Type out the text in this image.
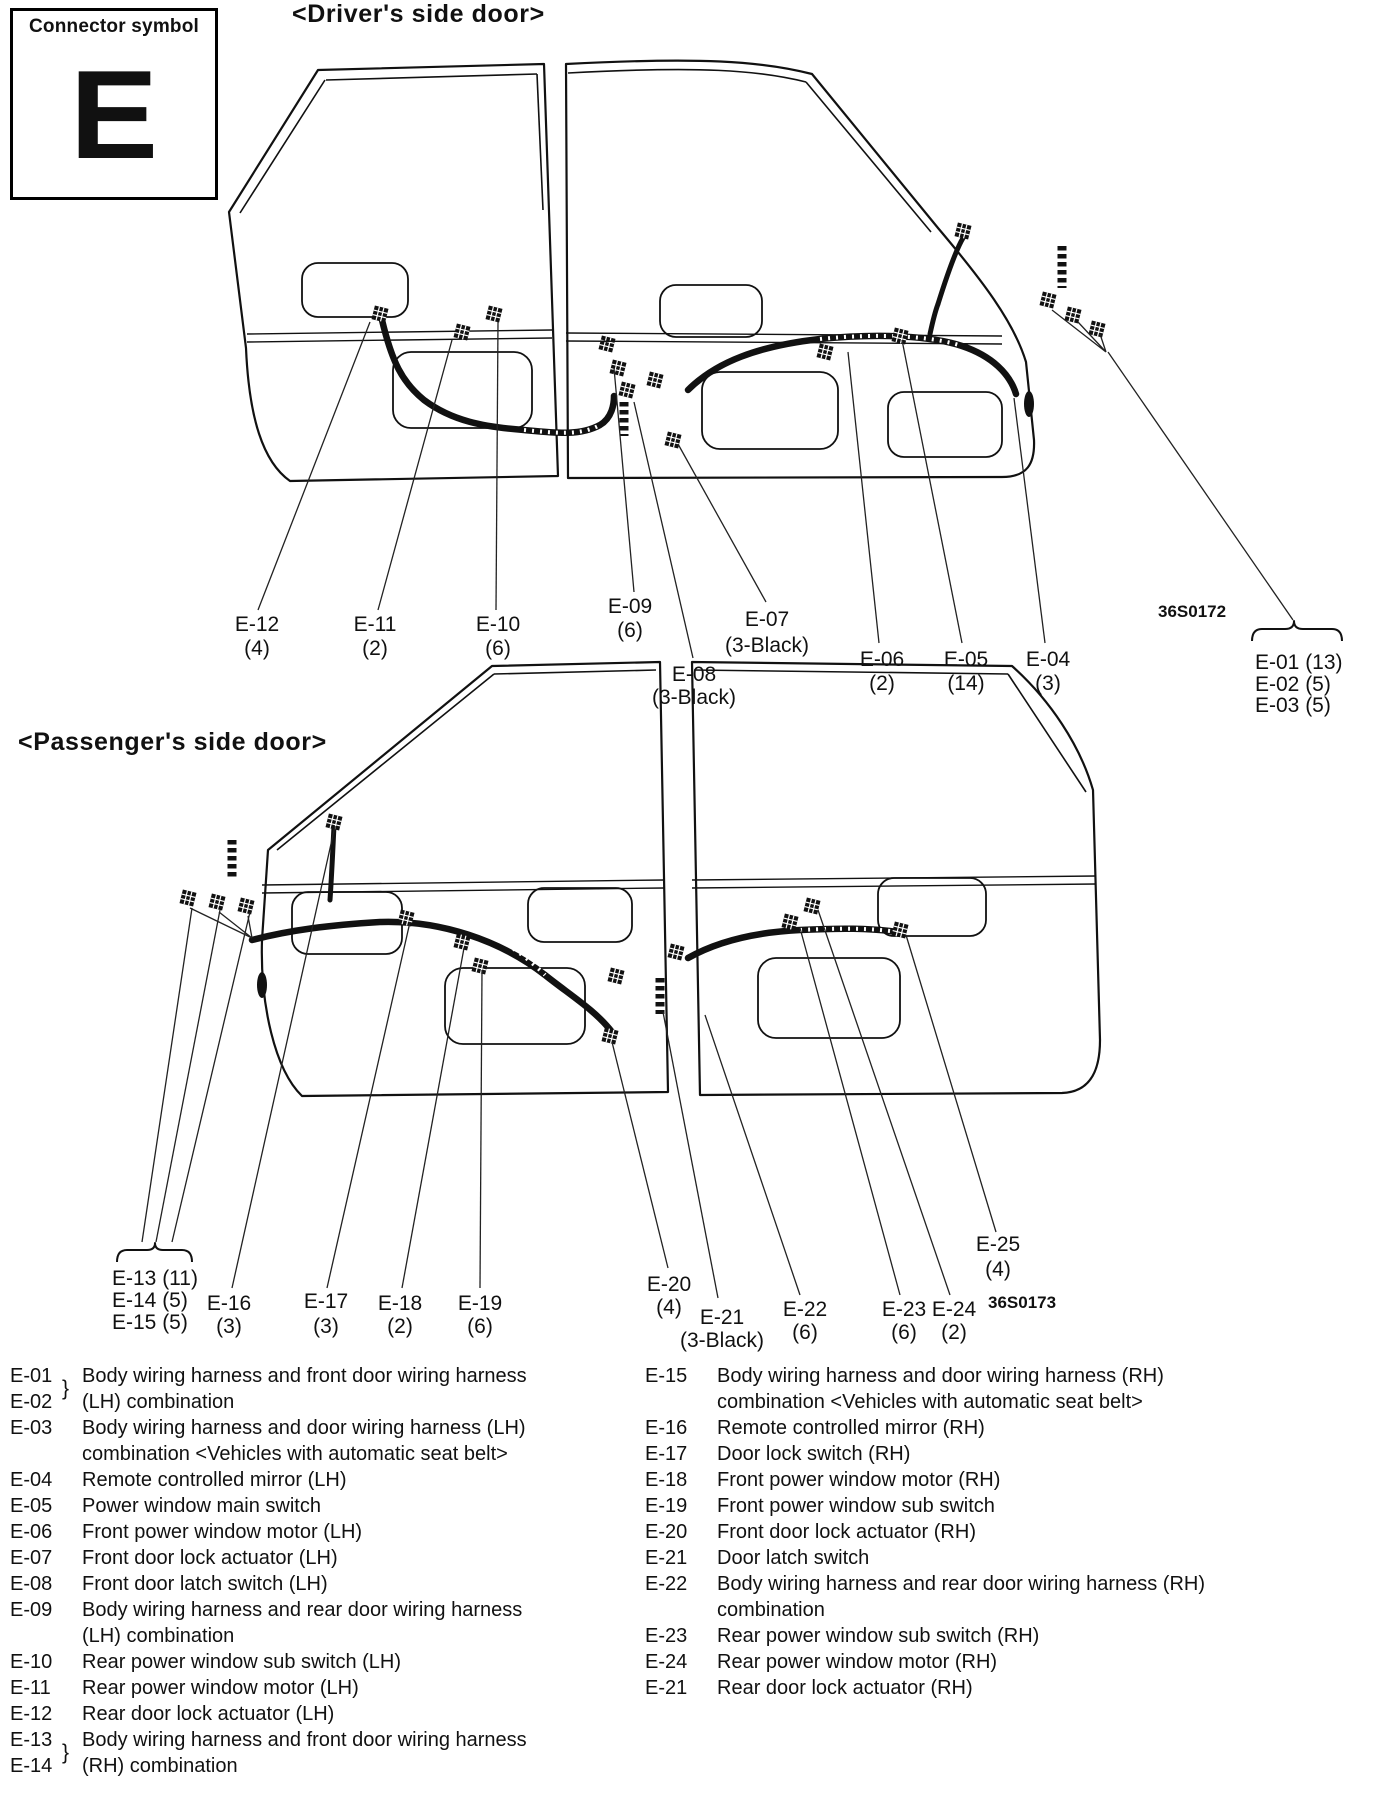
Connector symbol
E
<Driver's side door>
E-12
(4)
E-11
(2)
E-10
(6)
E-09
(6)
E-08
(3-Black)
E-07
(3-Black)
E-06
(2)
E-05
(14)
E-04
(3)
E-01 (13)
E-02 (5)
E-03 (5)
36S0172
<Passenger's side door>
E-13 (11)
E-14 (5)
E-15 (5)
E-16
(3)
E-17
(3)
E-18
(2)
E-19
(6)
E-20
(4) E-21
(3-Black)
E-22
(6)
E-23
(6)
E-24
(2)
E-25
(4)
36S0173
E-01
E-02
}
Body wiring harness and front door wiring harness (LH) combination
E-03	Body wiring harness and door wiring harness (LH) combination <Vehicles with automatic seat belt>
E-04	Remote controlled mirror (LH)
E-05	Power window main switch
E-06	Front power window motor (LH)
E-07	Front door lock actuator (LH)
E-08	Front door latch switch (LH)
E-09	Body wiring harness and rear door wiring harness (LH) combination
E-10	Rear power window sub switch (LH)
E-11	Rear power window motor (LH)
E-12	Rear door lock actuator (LH)
E-13
E-14
}
Body wiring harness and front door wiring harness (RH) combination
E-15	Body wiring harness and door wiring harness (RH) combination <Vehicles with automatic seat belt>
E-16	Remote controlled mirror (RH)
E-17	Door lock switch (RH)
E-18	Front power window motor (RH)
E-19	Front power window sub switch
E-20	Front door lock actuator (RH)
E-21	Door latch switch
E-22	Body wiring harness and rear door wiring harness (RH) combination
E-23	Rear power window sub switch (RH)
E-24	Rear power window motor (RH)
E-21	Rear door lock actuator (RH)
